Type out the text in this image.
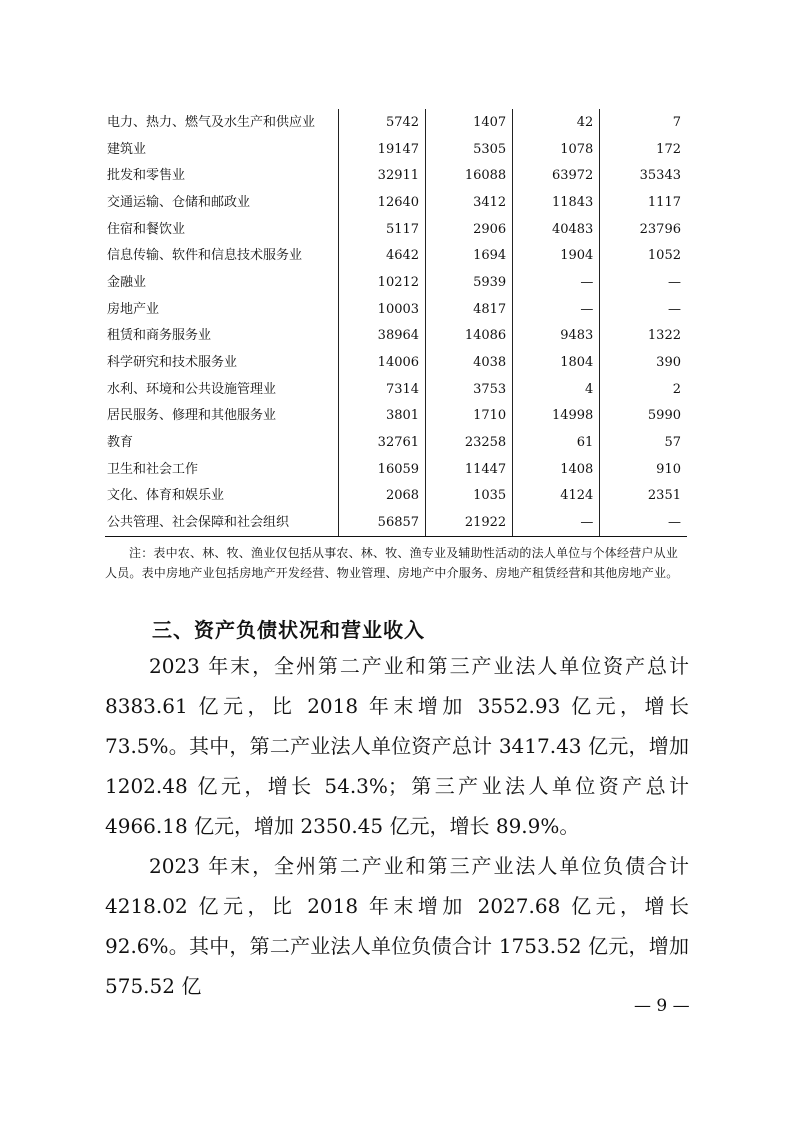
电力、热力、燃气及水生产和供应业	5742	1407	42	7
建筑业	19147	5305	1078	172
批发和零售业	32911	16088	63972	35343
交通运输、仓储和邮政业	12640	3412	11843	1117
住宿和餐饮业	5117	2906	40483	23796
信息传输、软件和信息技术服务业	4642	1694	1904	1052
金融业	10212	5939	—	—
房地产业	10003	4817	—	—
租赁和商务服务业	38964	14086	9483	1322
科学研究和技术服务业	14006	4038	1804	390
水利、环境和公共设施管理业	7314	3753	4	2
居民服务、修理和其他服务业	3801	1710	14998	5990
教育	32761	23258	61	57
卫生和社会工作	16059	11447	1408	910
文化、体育和娱乐业	2068	1035	4124	2351
公共管理、社会保障和社会组织	56857	21922	—	—
注：表中农、林、牧、渔业仅包括从事农、林、牧、渔专业及辅助性活动的法人单位与个体经营户从业人员。表中房地产业包括房地产开发经营、物业管理、房地产中介服务、房地产租赁经营和其他房地产业。
三、资产负债状况和营业收入
2023 年末，全州第二产业和第三产业法人单位资产总计 8383.61 亿元，比 2018 年末增加 3552.93 亿元，增长 73.5%。其中，第二产业法人单位资产总计 3417.43 亿元，增加 1202.48 亿元，增长 54.3%；第三产业法人单位资产总计 4966.18 亿元，增加 2350.45 亿元，增长 89.9%。
2023 年末，全州第二产业和第三产业法人单位负债合计 4218.02 亿元，比 2018 年末增加 2027.68 亿元，增长 92.6%。其中，第二产业法人单位负债合计 1753.52 亿元，增加 575.52 亿
— 9 —
